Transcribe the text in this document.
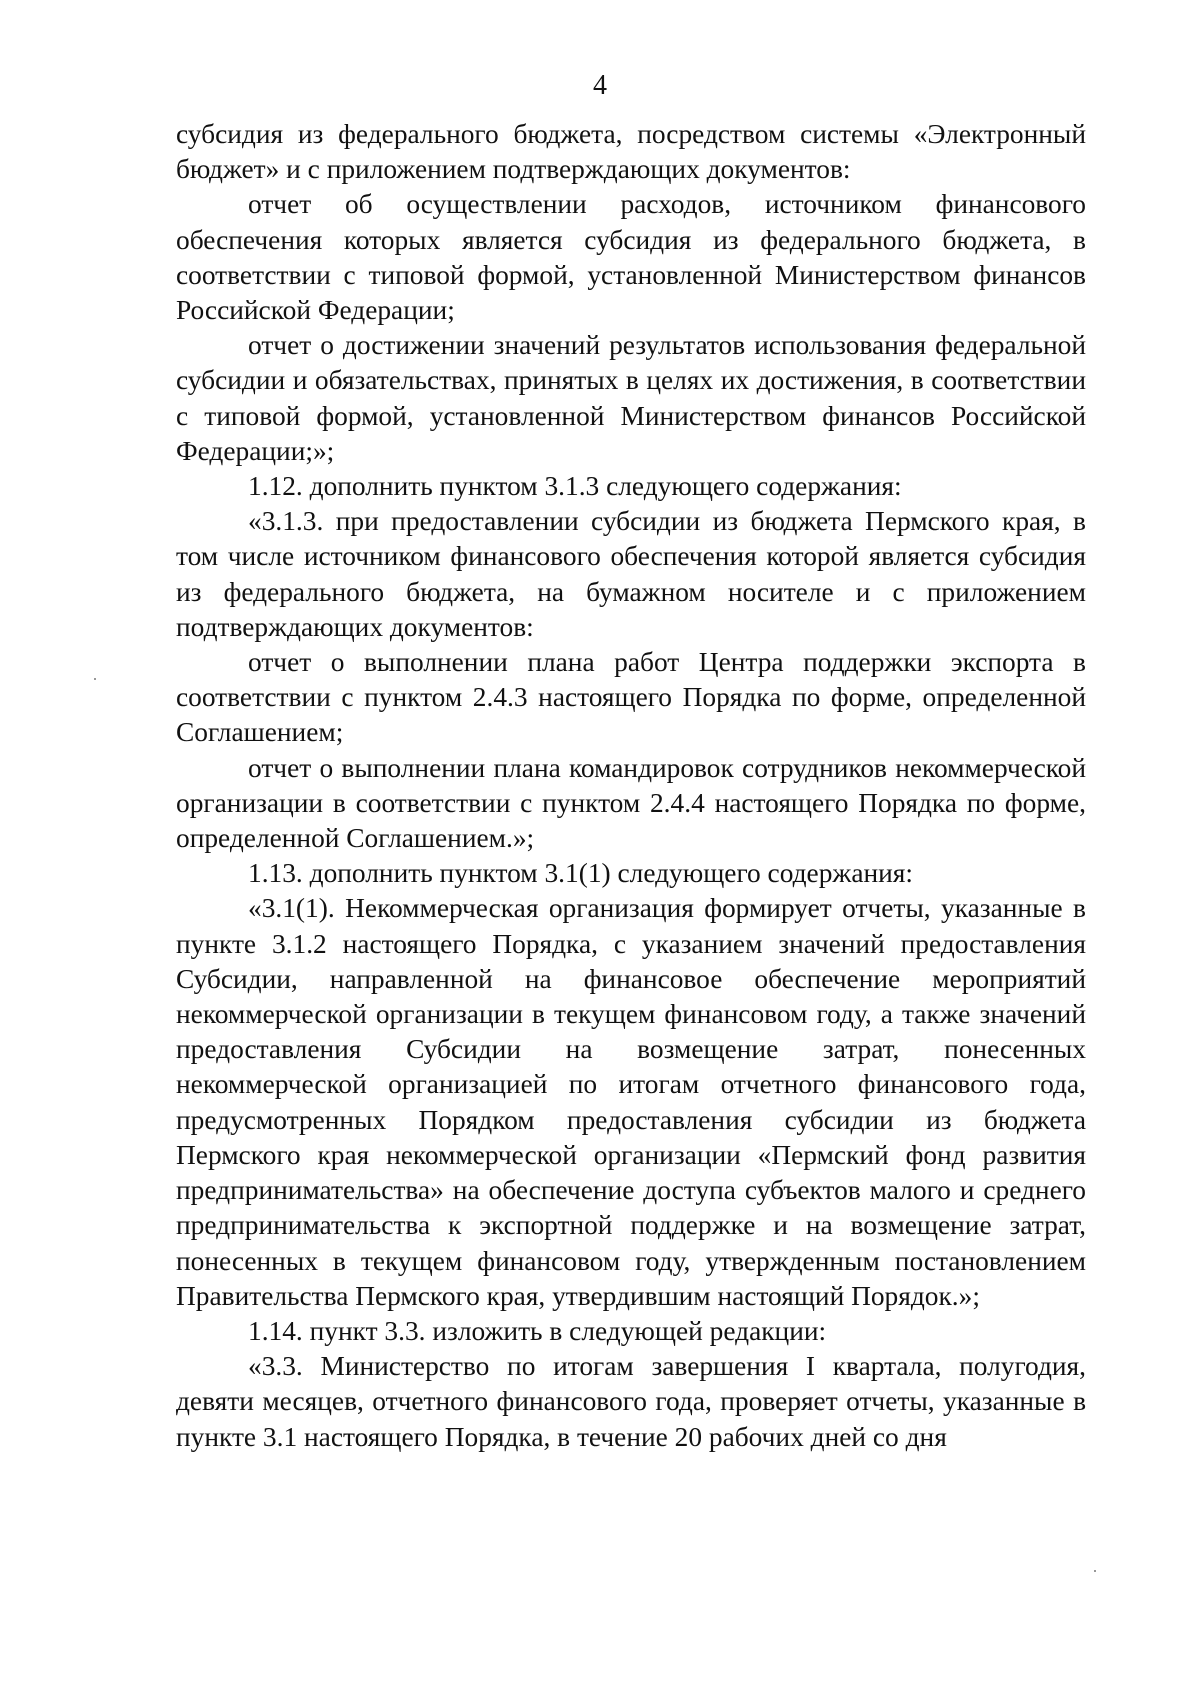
4

субсидия из федерального бюджета, посредством системы «Электронный бюджет» и с приложением подтверждающих документов:

отчет об осуществлении расходов, источником финансового обеспечения которых является субсидия из федерального бюджета, в соответствии с типовой формой, установленной Министерством финансов Российской Федерации;

отчет о достижении значений результатов использования федеральной субсидии и обязательствах, принятых в целях их достижения, в соответствии с типовой формой, установленной Министерством финансов Российской Федерации;»;

1.12. дополнить пунктом 3.1.3 следующего содержания:

«3.1.3. при предоставлении субсидии из бюджета Пермского края, в том числе источником финансового обеспечения которой является субсидия из федерального бюджета, на бумажном носителе и с приложением подтверждающих документов:

отчет о выполнении плана работ Центра поддержки экспорта в соответствии с пунктом 2.4.3 настоящего Порядка по форме, определенной Соглашением;

отчет о выполнении плана командировок сотрудников некоммерческой организации в соответствии с пунктом 2.4.4 настоящего Порядка по форме, определенной Соглашением.»;

1.13. дополнить пунктом 3.1(1) следующего содержания:

«3.1(1). Некоммерческая организация формирует отчеты, указанные в пункте 3.1.2 настоящего Порядка, с указанием значений предоставления Субсидии, направленной на финансовое обеспечение мероприятий некоммерческой организации в текущем финансовом году, а также значений предоставления Субсидии на возмещение затрат, понесенных некоммерческой организацией по итогам отчетного финансового года, предусмотренных Порядком предоставления субсидии из бюджета Пермского края некоммерческой организации «Пермский фонд развития предпринимательства» на обеспечение доступа субъектов малого и среднего предпринимательства к экспортной поддержке и на возмещение затрат, понесенных в текущем финансовом году, утвержденным постановлением Правительства Пермского края, утвердившим настоящий Порядок.»;

1.14. пункт 3.3. изложить в следующей редакции:

«3.3. Министерство по итогам завершения I квартала, полугодия, девяти месяцев, отчетного финансового года, проверяет отчеты, указанные в пункте 3.1 настоящего Порядка, в течение 20 рабочих дней со дня
